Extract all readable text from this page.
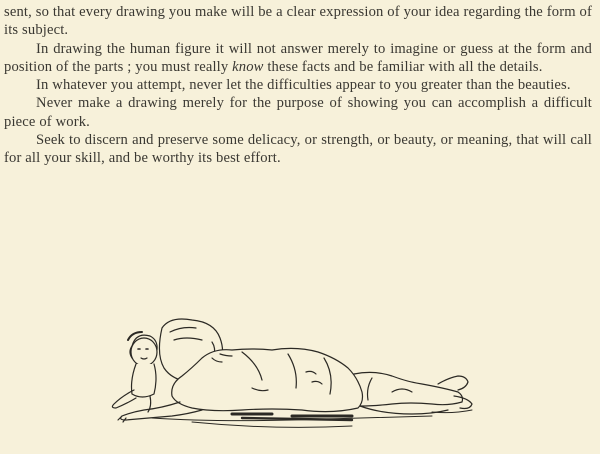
sent, so that every drawing you make will be a clear expression of your idea regarding the form of its subject.

In drawing the human figure it will not answer merely to imagine or guess at the form and position of the parts ; you must really know these facts and be familiar with all the details.

In whatever you attempt, never let the difficulties appear to you greater than the beauties.

Never make a drawing merely for the purpose of showing you can accomplish a difficult piece of work.

Seek to discern and preserve some delicacy, or strength, or beauty, or meaning, that will call for all your skill, and be worthy its best effort.
